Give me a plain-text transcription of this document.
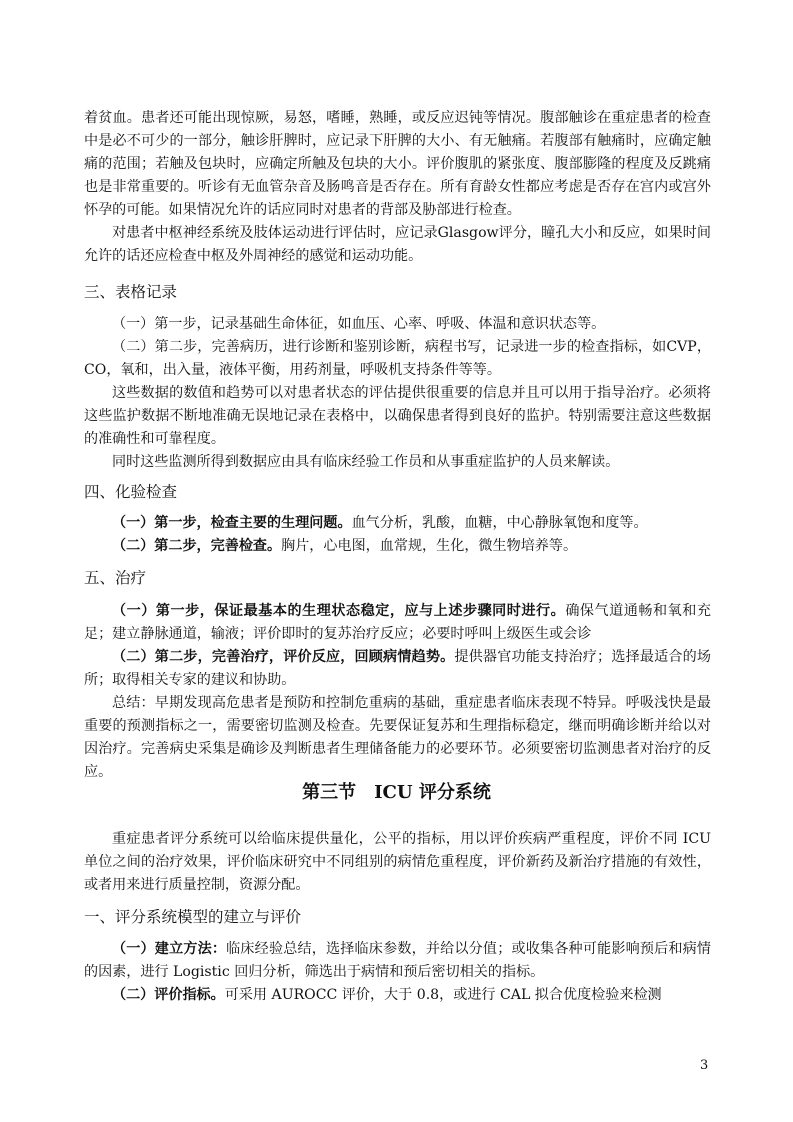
着贫血。患者还可能出现惊厥，易怒，嗜睡，熟睡，或反应迟钝等情况。腹部触诊在重症患者的检查中是必不可少的一部分，触诊肝脾时，应记录下肝脾的大小、有无触痛。若腹部有触痛时，应确定触痛的范围；若触及包块时，应确定所触及包块的大小。评价腹肌的紧张度、腹部膨隆的程度及反跳痛也是非常重要的。听诊有无血管杂音及肠鸣音是否存在。所有育龄女性都应考虑是否存在宫内或宫外怀孕的可能。如果情况允许的话应同时对患者的背部及胁部进行检查。
对患者中枢神经系统及肢体运动进行评估时，应记录Glasgow评分，瞳孔大小和反应，如果时间允许的话还应检查中枢及外周神经的感觉和运动功能。
三、表格记录
（一）第一步，记录基础生命体征，如血压、心率、呼吸、体温和意识状态等。
（二）第二步，完善病历，进行诊断和鉴别诊断，病程书写，记录进一步的检查指标，如CVP，CO，氧和，出入量，液体平衡，用药剂量，呼吸机支持条件等等。
这些数据的数值和趋势可以对患者状态的评估提供很重要的信息并且可以用于指导治疗。必须将这些监护数据不断地准确无误地记录在表格中，以确保患者得到良好的监护。特别需要注意这些数据的准确性和可靠程度。
同时这些监测所得到数据应由具有临床经验工作员和从事重症监护的人员来解读。
四、化验检查
（一）第一步，检查主要的生理问题。血气分析，乳酸，血糖，中心静脉氧饱和度等。
（二）第二步，完善检查。胸片，心电图，血常规，生化，微生物培养等。
五、治疗
（一）第一步，保证最基本的生理状态稳定，应与上述步骤同时进行。确保气道通畅和氧和充足；建立静脉通道，输液；评价即时的复苏治疗反应；必要时呼叫上级医生或会诊
（二）第二步，完善治疗，评价反应，回顾病情趋势。提供器官功能支持治疗；选择最适合的场所；取得相关专家的建议和协助。
总结：早期发现高危患者是预防和控制危重病的基础，重症患者临床表现不特异。呼吸浅快是最重要的预测指标之一，需要密切监测及检查。先要保证复苏和生理指标稳定，继而明确诊断并给以对因治疗。完善病史采集是确诊及判断患者生理储备能力的必要环节。必须要密切监测患者对治疗的反应。
第三节　ICU 评分系统
重症患者评分系统可以给临床提供量化，公平的指标，用以评价疾病严重程度，评价不同 ICU 单位之间的治疗效果，评价临床研究中不同组别的病情危重程度，评价新药及新治疗措施的有效性，或者用来进行质量控制，资源分配。
一、评分系统模型的建立与评价
（一）建立方法：临床经验总结，选择临床参数，并给以分值；或收集各种可能影响预后和病情的因素，进行 Logistic 回归分析，筛选出于病情和预后密切相关的指标。
（二）评价指标。可采用 AUROCC 评价，大于 0.8，或进行 CAL 拟合优度检验来检测
3
